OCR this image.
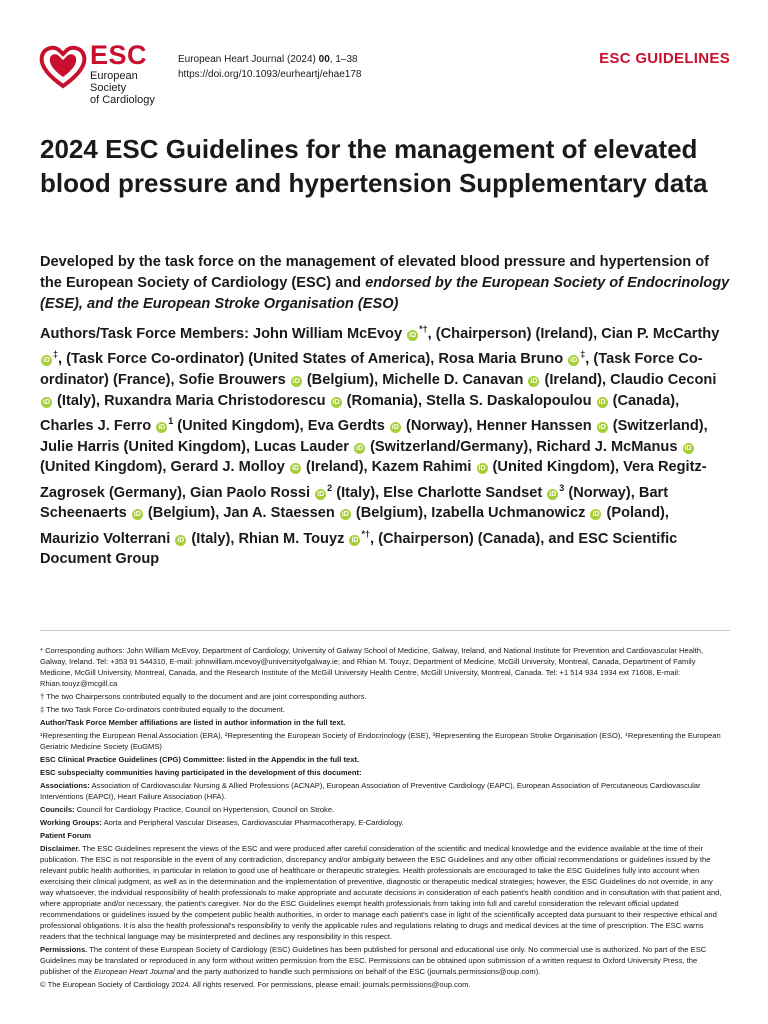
ESC
European Society
of Cardiology
European Heart Journal (2024) 00, 1–38
https://doi.org/10.1093/eurheartj/ehae178
ESC GUIDELINES
2024 ESC Guidelines for the management of elevated blood pressure and hypertension Supplementary data

Developed by the task force on the management of elevated blood pressure and hypertension of the European Society of Cardiology (ESC) and endorsed by the European Society of Endocrinology (ESE), and the European Stroke Organisation (ESO)

Authors/Task Force Members: John William McEvoy iD*†, (Chairperson) (Ireland), Cian P. McCarthy iD‡, (Task Force Co-ordinator) (United States of America), Rosa Maria Bruno iD‡, (Task Force Co-ordinator) (France), Sofie Brouwers iD (Belgium), Michelle D. Canavan iD (Ireland), Claudio Ceconi iD (Italy), Ruxandra Maria Christodorescu iD (Romania), Stella S. Daskalopoulou iD (Canada), Charles J. Ferro $iD^1$ (United Kingdom), Eva Gerdts iD (Norway), Henner Hanssen iD (Switzerland), Julie Harris (United Kingdom), Lucas Lauder iD (Switzerland/Germany), Richard J. McManus iD (United Kingdom), Gerard J. Molloy iD (Ireland), Kazem Rahimi iD (United Kingdom), Vera Regitz-Zagrosek (Germany), Gian Paolo Rossi $iD^2$ (Italy), Else Charlotte Sandset $iD^3$ (Norway), Bart Scheenaerts iD (Belgium), Jan A. Staessen iD (Belgium), Izabella Uchmanowicz iD (Poland), Maurizio Volterrani iD (Italy), Rhian M. Touyz iD*†, (Chairperson) (Canada), and ESC Scientific Document Group

* Corresponding authors: John William McEvoy, Department of Cardiology, University of Galway School of Medicine, Galway, Ireland, and National Institute for Prevention and Cardiovascular Health, Galway, Ireland. Tel: +353 91 544310, E-mail: johnwilliam.mcevoy@universityofgalway.ie; and Rhian M. Touyz, Department of Medicine, McGill University, Montreal, Canada, Department of Family Medicine, McGill University, Montreal, Canada, and the Research Institute of the McGill University Health Centre, McGill University, Montreal, Canada. Tel: +1 514 934 1934 ext 71608, E-mail: Rhian.touyz@mcgill.ca

† The two Chairpersons contributed equally to the document and are joint corresponding authors.

‡ The two Task Force Co-ordinators contributed equally to the document.

Author/Task Force Member affiliations are listed in author information in the full text.

¹Representing the European Renal Association (ERA), ²Representing the European Society of Endocrinology (ESE), ³Representing the European Stroke Organisation (ESO), ⁴Representing the European Geriatric Medicine Society (EuGMS)

ESC Clinical Practice Guidelines (CPG) Committee: listed in the Appendix in the full text.

ESC subspecialty communities having participated in the development of this document:

Associations: Association of Cardiovascular Nursing & Allied Professions (ACNAP), European Association of Preventive Cardiology (EAPC), European Association of Percutaneous Cardiovascular Interventions (EAPCI), Heart Failure Association (HFA).

Councils: Council for Cardiology Practice, Council on Hypertension, Council on Stroke.

Working Groups: Aorta and Peripheral Vascular Diseases, Cardiovascular Pharmacotherapy, E-Cardiology.

Patient Forum

Disclaimer. The ESC Guidelines represent the views of the ESC and were produced after careful consideration of the scientific and medical knowledge and the evidence available at the time of their publication. The ESC is not responsible in the event of any contradiction, discrepancy and/or ambiguity between the ESC Guidelines and any other official recommendations or guidelines issued by the relevant public health authorities, in particular in relation to good use of healthcare or therapeutic strategies. Health professionals are encouraged to take the ESC Guidelines fully into account when exercising their clinical judgment, as well as in the determination and the implementation of preventive, diagnostic or therapeutic medical strategies; however, the ESC Guidelines do not override, in any way whatsoever, the individual responsibility of health professionals to make appropriate and accurate decisions in consideration of each patient's health condition and in consultation with that patient and, where appropriate and/or necessary, the patient's caregiver. Nor do the ESC Guidelines exempt health professionals from taking into full and careful consideration the relevant official updated recommendations or guidelines issued by the competent public health authorities, in order to manage each patient's case in light of the scientifically accepted data pursuant to their respective ethical and professional obligations. It is also the health professional's responsibility to verify the applicable rules and regulations relating to drugs and medical devices at the time of prescription. The ESC warns readers that the technical language may be misinterpreted and declines any responsibility in this respect.

Permissions. The content of these European Society of Cardiology (ESC) Guidelines has been published for personal and educational use only. No commercial use is authorized. No part of the ESC Guidelines may be translated or reproduced in any form without written permission from the ESC. Permissions can be obtained upon submission of a written request to Oxford University Press, the publisher of the European Heart Journal and the party authorized to handle such permissions on behalf of the ESC (journals.permissions@oup.com).

© The European Society of Cardiology 2024. All rights reserved. For permissions, please email: journals.permissions@oup.com.
